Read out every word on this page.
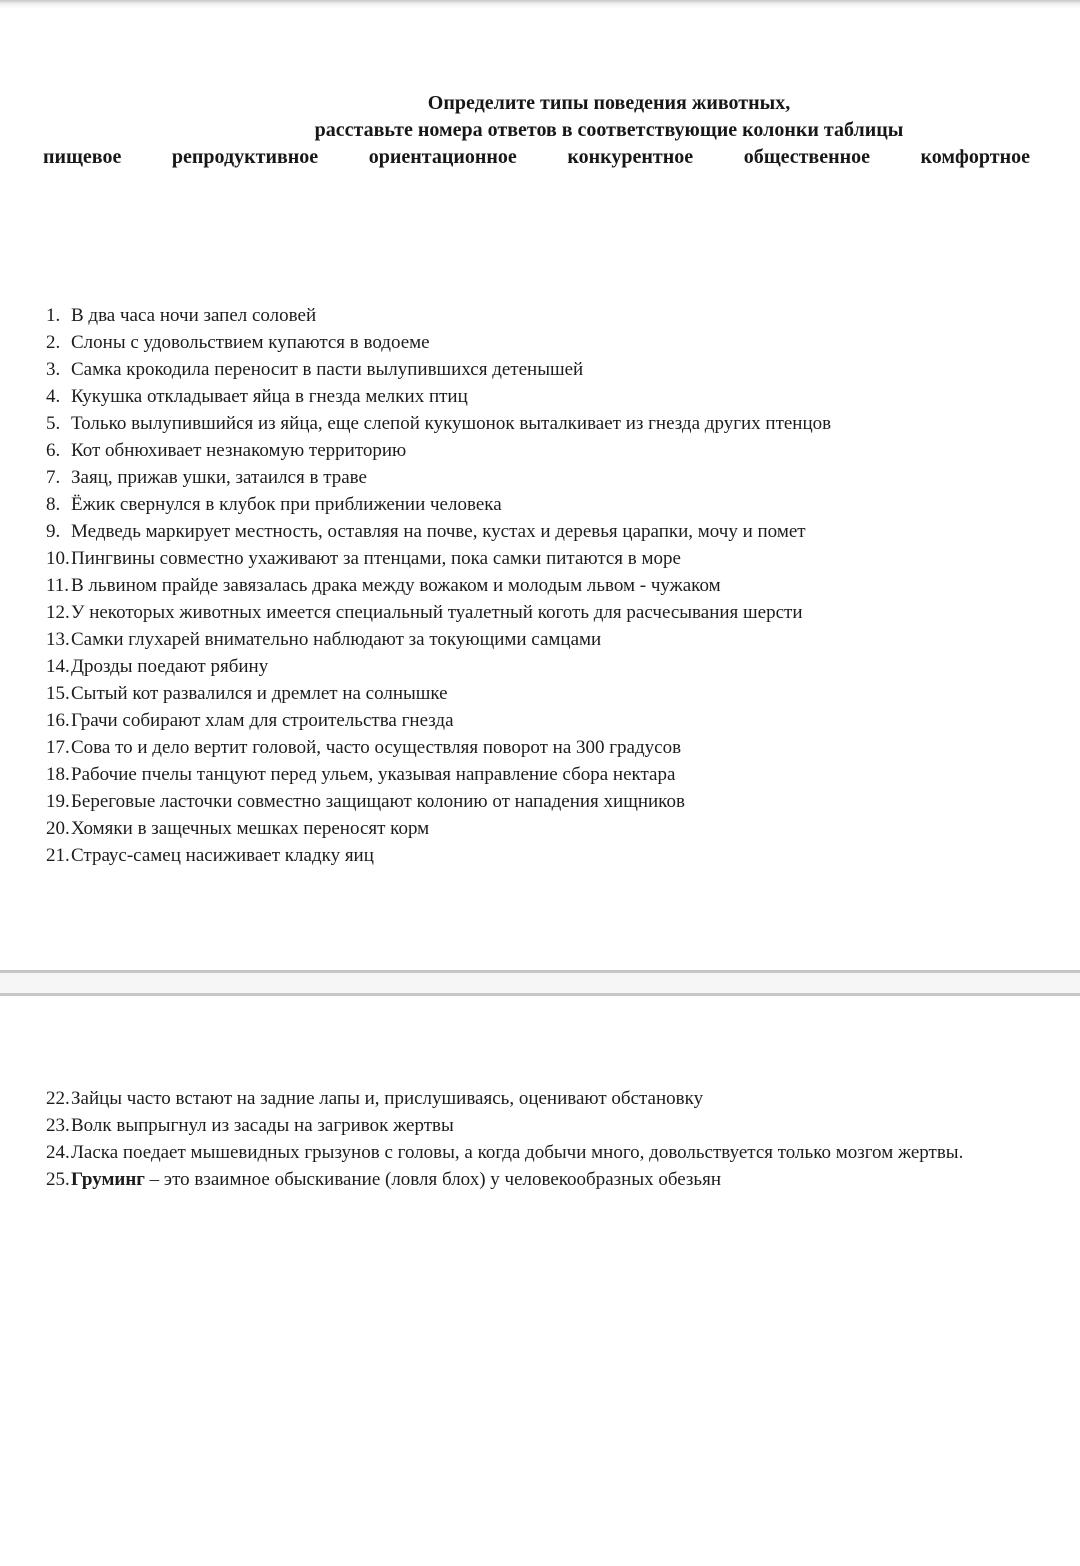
Определите типы поведения животных,
расставьте номера ответов в соответствующие колонки таблицы
пищевое	репродуктивное	ориентационное	конкурентное	общественное	комфортное
1. В два часа ночи запел соловей
2. Слоны с удовольствием купаются в водоеме
3. Самка крокодила переносит в пасти вылупившихся детенышей
4. Кукушка откладывает яйца в гнезда мелких птиц
5. Только вылупившийся из яйца, еще слепой кукушонок выталкивает из гнезда других птенцов
6. Кот обнюхивает незнакомую территорию
7. Заяц, прижав ушки, затаился в траве
8. Ёжик свернулся в клубок при приближении человека
9. Медведь маркирует местность, оставляя на почве, кустах и деревья царапки, мочу и помет
10. Пингвины совместно ухаживают за птенцами, пока самки питаются в море
11. В львином прайде завязалась драка между вожаком и молодым львом - чужаком
12. У некоторых животных имеется специальный туалетный коготь для расчесывания шерсти
13. Самки глухарей внимательно наблюдают за токующими самцами
14. Дрозды поедают рябину
15. Сытый кот развалился и дремлет на солнышке
16. Грачи собирают хлам для строительства гнезда
17. Сова то и дело вертит головой, часто осуществляя поворот на 300 градусов
18. Рабочие пчелы танцуют перед ульем, указывая направление сбора нектара
19. Береговые ласточки совместно защищают колонию от нападения хищников
20. Хомяки в защечных мешках переносят корм
21. Страус-самец насиживает кладку яиц
22. Зайцы часто встают на задние лапы и, прислушиваясь, оценивают обстановку
23. Волк выпрыгнул из засады на загривок жертвы
24. Ласка поедает мышевидных грызунов с головы, а когда добычи много, довольствуется только мозгом жертвы.
25. Груминг – это взаимное обыскивание (ловля блох) у человекообразных обезьян
